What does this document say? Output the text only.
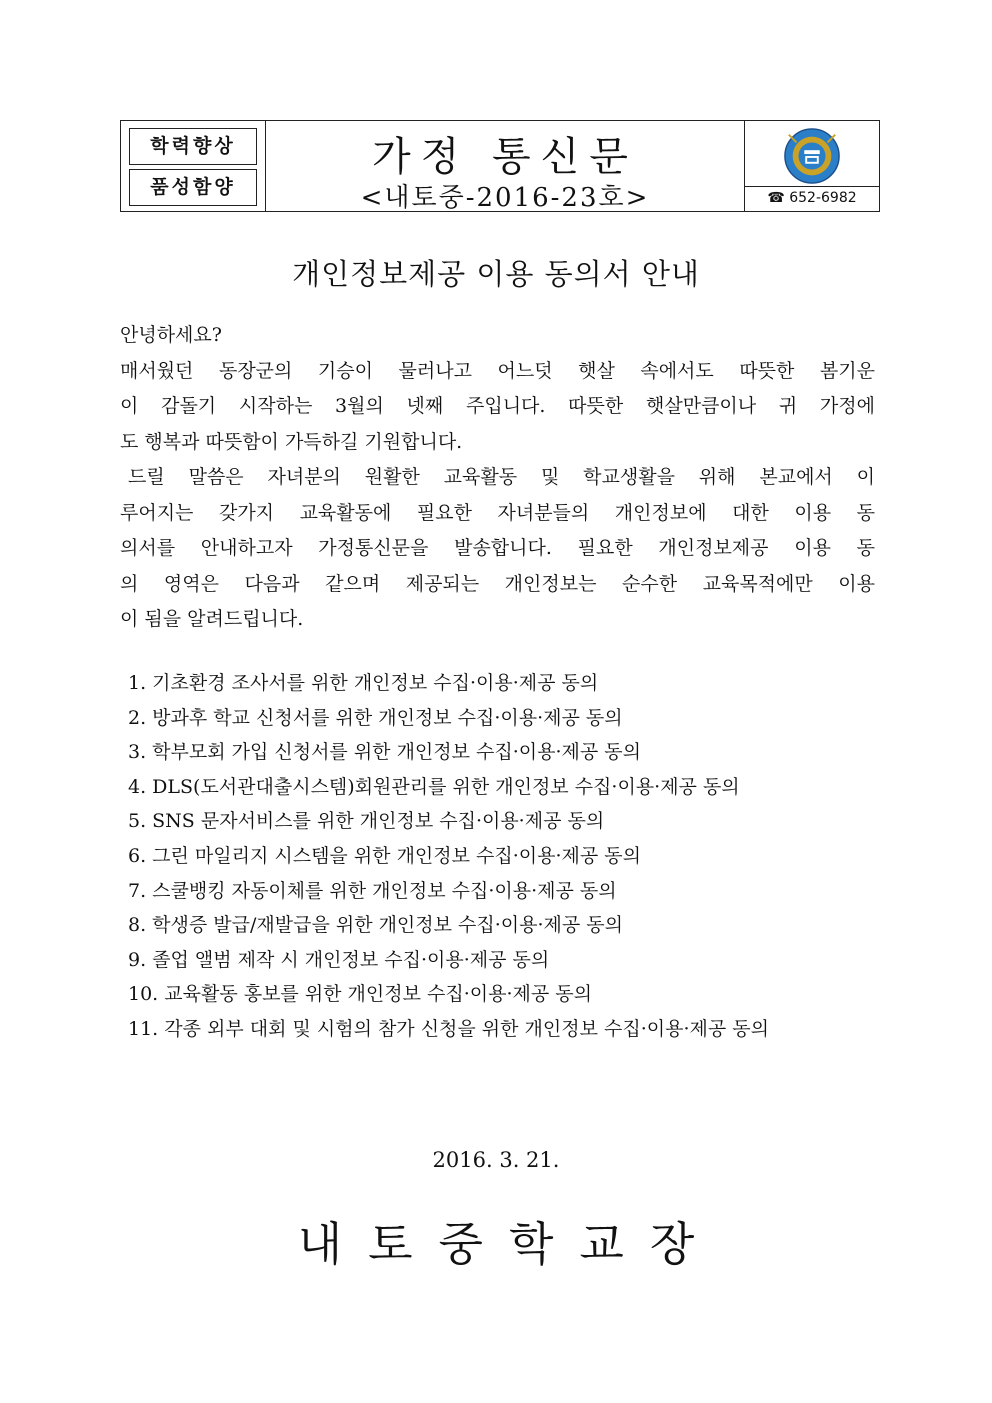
학력향상
품성함양
가정 통신문
<내토중-2016-23호>	☎ 652-6982
개인정보제공 이용 동의서 안내

안녕하세요?

매서웠던 동장군의 기승이 물러나고 어느덧 햇살 속에서도 따뜻한 봄기운

이 감돌기 시작하는 3월의 넷째 주입니다. 따뜻한 햇살만큼이나 귀 가정에

도 행복과 따뜻함이 가득하길 기원합니다.

드릴 말씀은 자녀분의 원활한 교육활동 및 학교생활을 위해 본교에서 이

루어지는 갖가지 교육활동에 필요한 자녀분들의 개인정보에 대한 이용 동

의서를 안내하고자 가정통신문을 발송합니다. 필요한 개인정보제공 이용 동

의 영역은 다음과 같으며 제공되는 개인정보는 순수한 교육목적에만 이용

이 됨을 알려드립니다.

1. 기초환경 조사서를 위한 개인정보 수집·이용·제공 동의
2. 방과후 학교 신청서를 위한 개인정보 수집·이용·제공 동의
3. 학부모회 가입 신청서를 위한 개인정보 수집·이용·제공 동의
4. DLS(도서관대출시스템)회원관리를 위한 개인정보 수집·이용·제공 동의
5. SNS 문자서비스를 위한 개인정보 수집·이용·제공 동의
6. 그린 마일리지 시스템을 위한 개인정보 수집·이용·제공 동의
7. 스쿨뱅킹 자동이체를 위한 개인정보 수집·이용·제공 동의
8. 학생증 발급/재발급을 위한 개인정보 수집·이용·제공 동의
9. 졸업 앨범 제작 시 개인정보 수집·이용·제공 동의
10. 교육활동 홍보를 위한 개인정보 수집·이용·제공 동의
11. 각종 외부 대회 및 시험의 참가 신청을 위한 개인정보 수집·이용·제공 동의
2016. 3. 21.
내토중학교장
